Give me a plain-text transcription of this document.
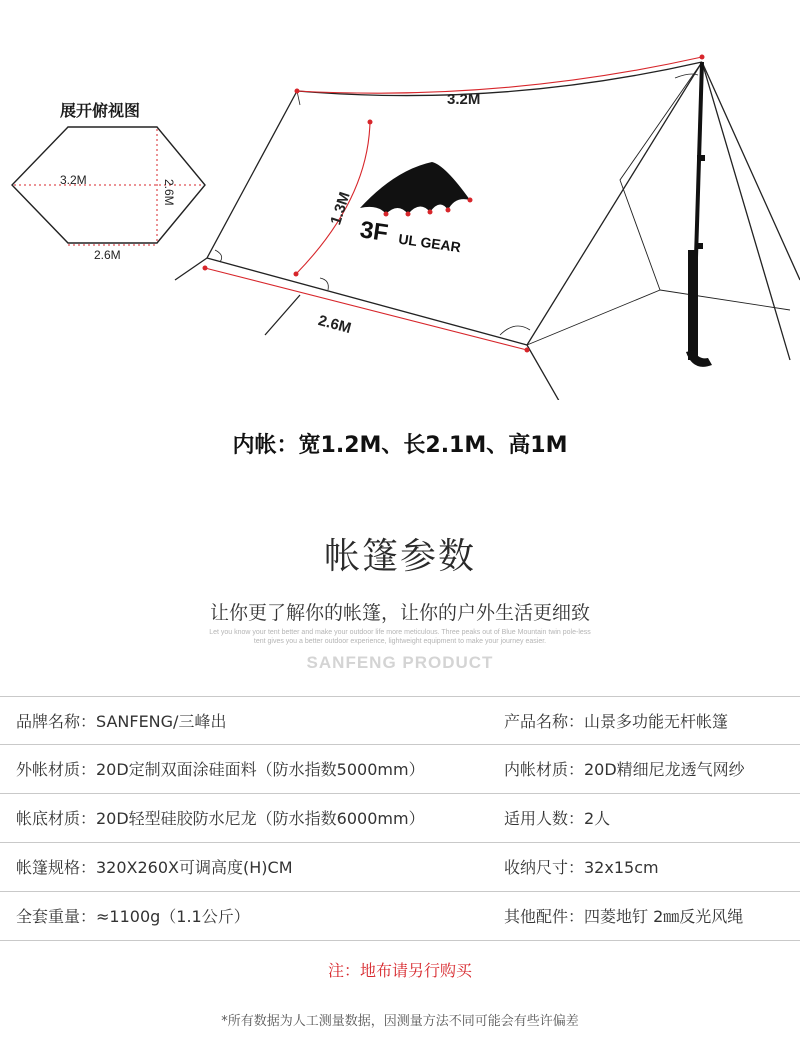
3.2M	2.6M
2.6M
3.2M
1.3M
2.6M
3F UL GEAR
展开俯视图
内帐：宽1.2M、长2.1M、高1M
帐篷参数
让你更了解你的帐篷，让你的户外生活更细致
Let you know your tent better and make your outdoor life more meticulous. Three peaks out of Blue Mountain twin pole-less
tent gives you a better outdoor experience, lightweight equipment to make your journey easier.
SANFENG PRODUCT
品牌名称：SANFENG/三峰出	产品名称：山景多功能无杆帐篷
外帐材质：20D定制双面涂硅面料（防水指数5000mm）	内帐材质：20D精细尼龙透气网纱
帐底材质：20D轻型硅胶防水尼龙（防水指数6000mm）	适用人数：2人
帐篷规格：320X260X可调高度(H)CM	收纳尺寸：32x15cm
全套重量：≈1100g（1.1公斤）	其他配件：四菱地钉 2㎜反光风绳
注：地布请另行购买
*所有数据为人工测量数据，因测量方法不同可能会有些许偏差
